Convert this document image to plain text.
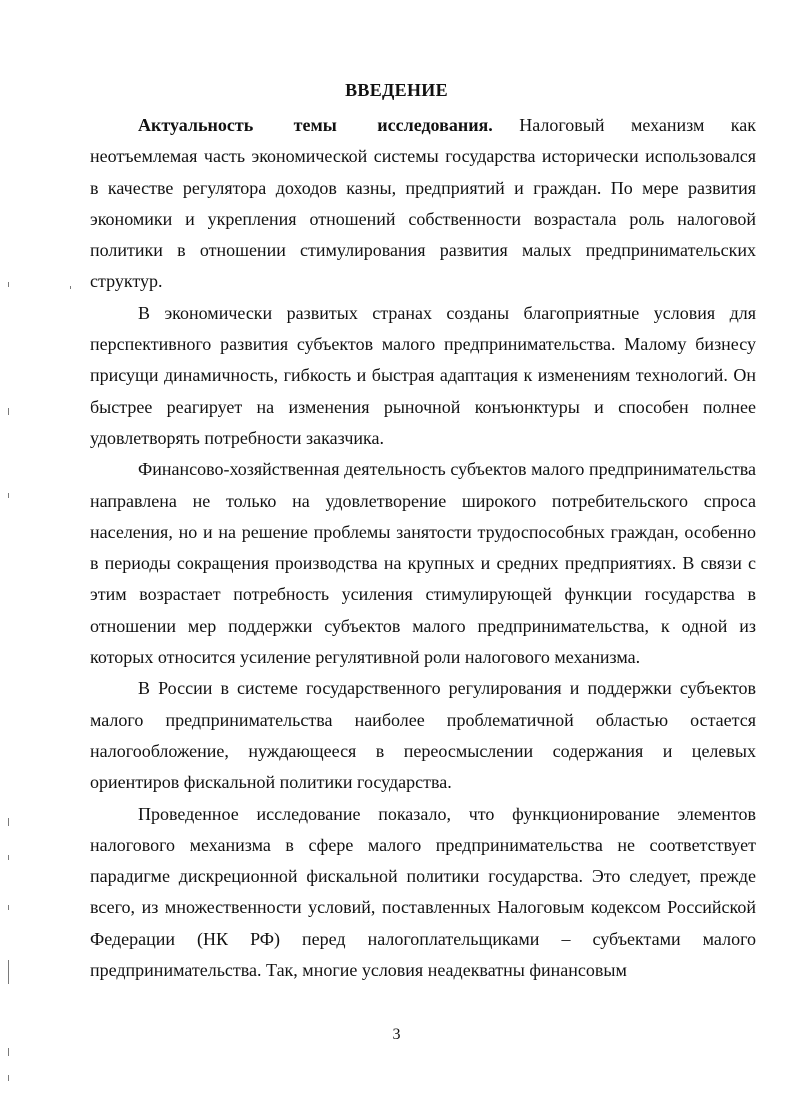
ВВЕДЕНИЕ

Актуальность темы исследования. Налоговый механизм как неотъемлемая часть экономической системы государства исторически использовался в качестве регулятора доходов казны, предприятий и граждан. По мере развития экономики и укрепления отношений собственности возрастала роль налоговой политики в отношении стимулирования развития малых предпринимательских структур.

В экономически развитых странах созданы благоприятные условия для перспективного развития субъектов малого предпринимательства. Малому бизнесу присущи динамичность, гибкость и быстрая адаптация к изменениям технологий. Он быстрее реагирует на изменения рыночной конъюнктуры и способен полнее удовлетворять потребности заказчика.

Финансово-хозяйственная деятельность субъектов малого предпринимательства направлена не только на удовлетворение широкого потребительского спроса населения, но и на решение проблемы занятости трудоспособных граждан, особенно в периоды сокращения производства на крупных и средних предприятиях. В связи с этим возрастает потребность усиления стимулирующей функции государства в отношении мер поддержки субъектов малого предпринимательства, к одной из которых относится усиление регулятивной роли налогового механизма.

В России в системе государственного регулирования и поддержки субъектов малого предпринимательства наиболее проблематичной областью остается налогообложение, нуждающееся в переосмыслении содержания и целевых ориентиров фискальной политики государства.

Проведенное исследование показало, что функционирование элементов налогового механизма в сфере малого предпринимательства не соответствует парадигме дискреционной фискальной политики государства. Это следует, прежде всего, из множественности условий, поставленных Налоговым кодексом Российской Федерации (НК РФ) перед налогоплательщиками – субъектами малого предпринимательства. Так, многие условия неадекватны финансовым

3
